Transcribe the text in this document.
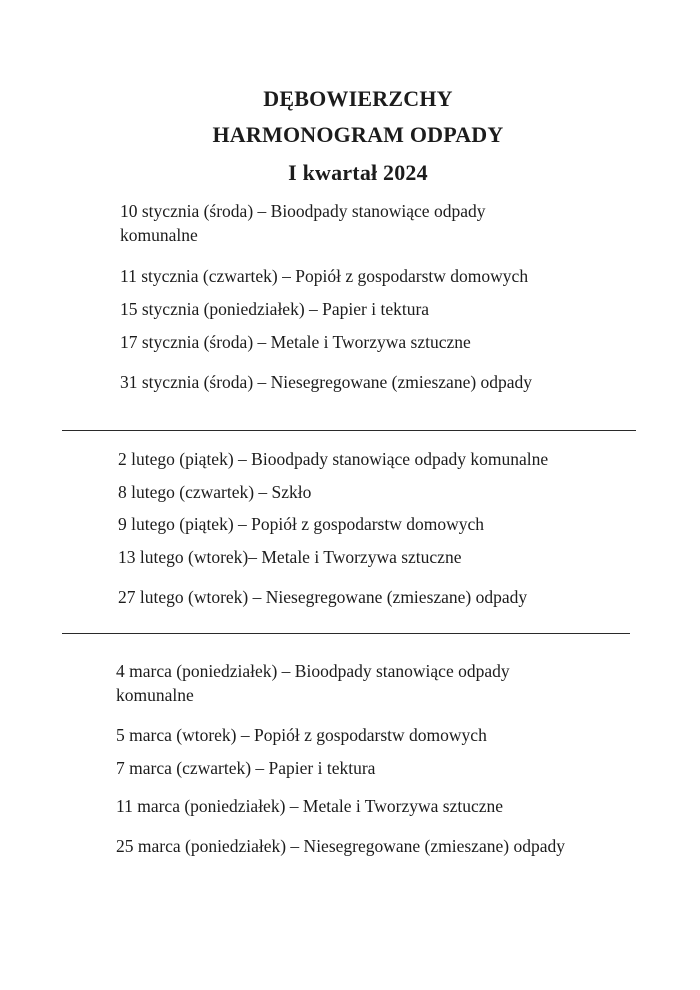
DĘBOWIERZCHY
HARMONOGRAM ODPADY
I kwartał 2024

10 stycznia (środa) – Bioodpady stanowiące odpady komunalne

11 stycznia (czwartek) – Popiół z gospodarstw domowych

15 stycznia (poniedziałek) – Papier i tektura

17 stycznia (środa) – Metale i Tworzywa sztuczne

31 stycznia (środa) – Niesegregowane (zmieszane) odpady

2 lutego (piątek) – Bioodpady stanowiące odpady komunalne

8 lutego (czwartek) – Szkło

9 lutego (piątek) – Popiół z gospodarstw domowych

13 lutego (wtorek)– Metale i Tworzywa sztuczne

27 lutego (wtorek) – Niesegregowane (zmieszane) odpady

4 marca (poniedziałek) – Bioodpady stanowiące odpady komunalne

5 marca (wtorek) – Popiół z gospodarstw domowych

7 marca (czwartek) – Papier i tektura

11 marca (poniedziałek) – Metale i Tworzywa sztuczne

25 marca (poniedziałek) – Niesegregowane (zmieszane) odpady
